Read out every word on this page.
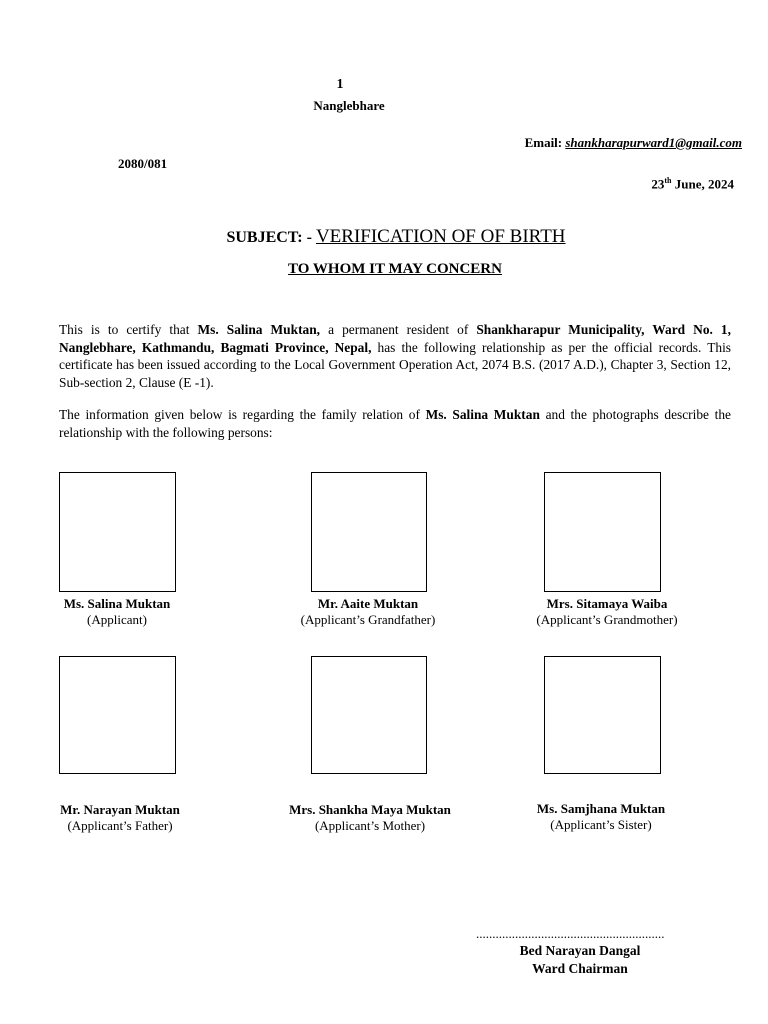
1
Nanglebhare
Email: shankharapurward1@gmail.com
2080/081
23th June, 2024
SUBJECT: - VERIFICATION OF OF BIRTH
TO WHOM IT MAY CONCERN
This is to certify that Ms. Salina Muktan, a permanent resident of Shankharapur Municipality, Ward No. 1, Nanglebhare, Kathmandu, Bagmati Province, Nepal, has the following relationship as per the official records. This certificate has been issued according to the Local Government Operation Act, 2074 B.S. (2017 A.D.), Chapter 3, Section 12, Sub-section 2, Clause (E -1).
The information given below is regarding the family relation of Ms. Salina Muktan and the photographs describe the relationship with the following persons:
Ms. Salina Muktan
(Applicant)
Mr. Aaite Muktan
(Applicant’s Grandfather)
Mrs. Sitamaya Waiba
(Applicant’s Grandmother)
Mr. Narayan Muktan
(Applicant’s Father)
Mrs. Shankha Maya Muktan
(Applicant’s Mother)
Ms. Samjhana Muktan
(Applicant’s Sister)
..........................................................
Bed Narayan Dangal
Ward Chairman
